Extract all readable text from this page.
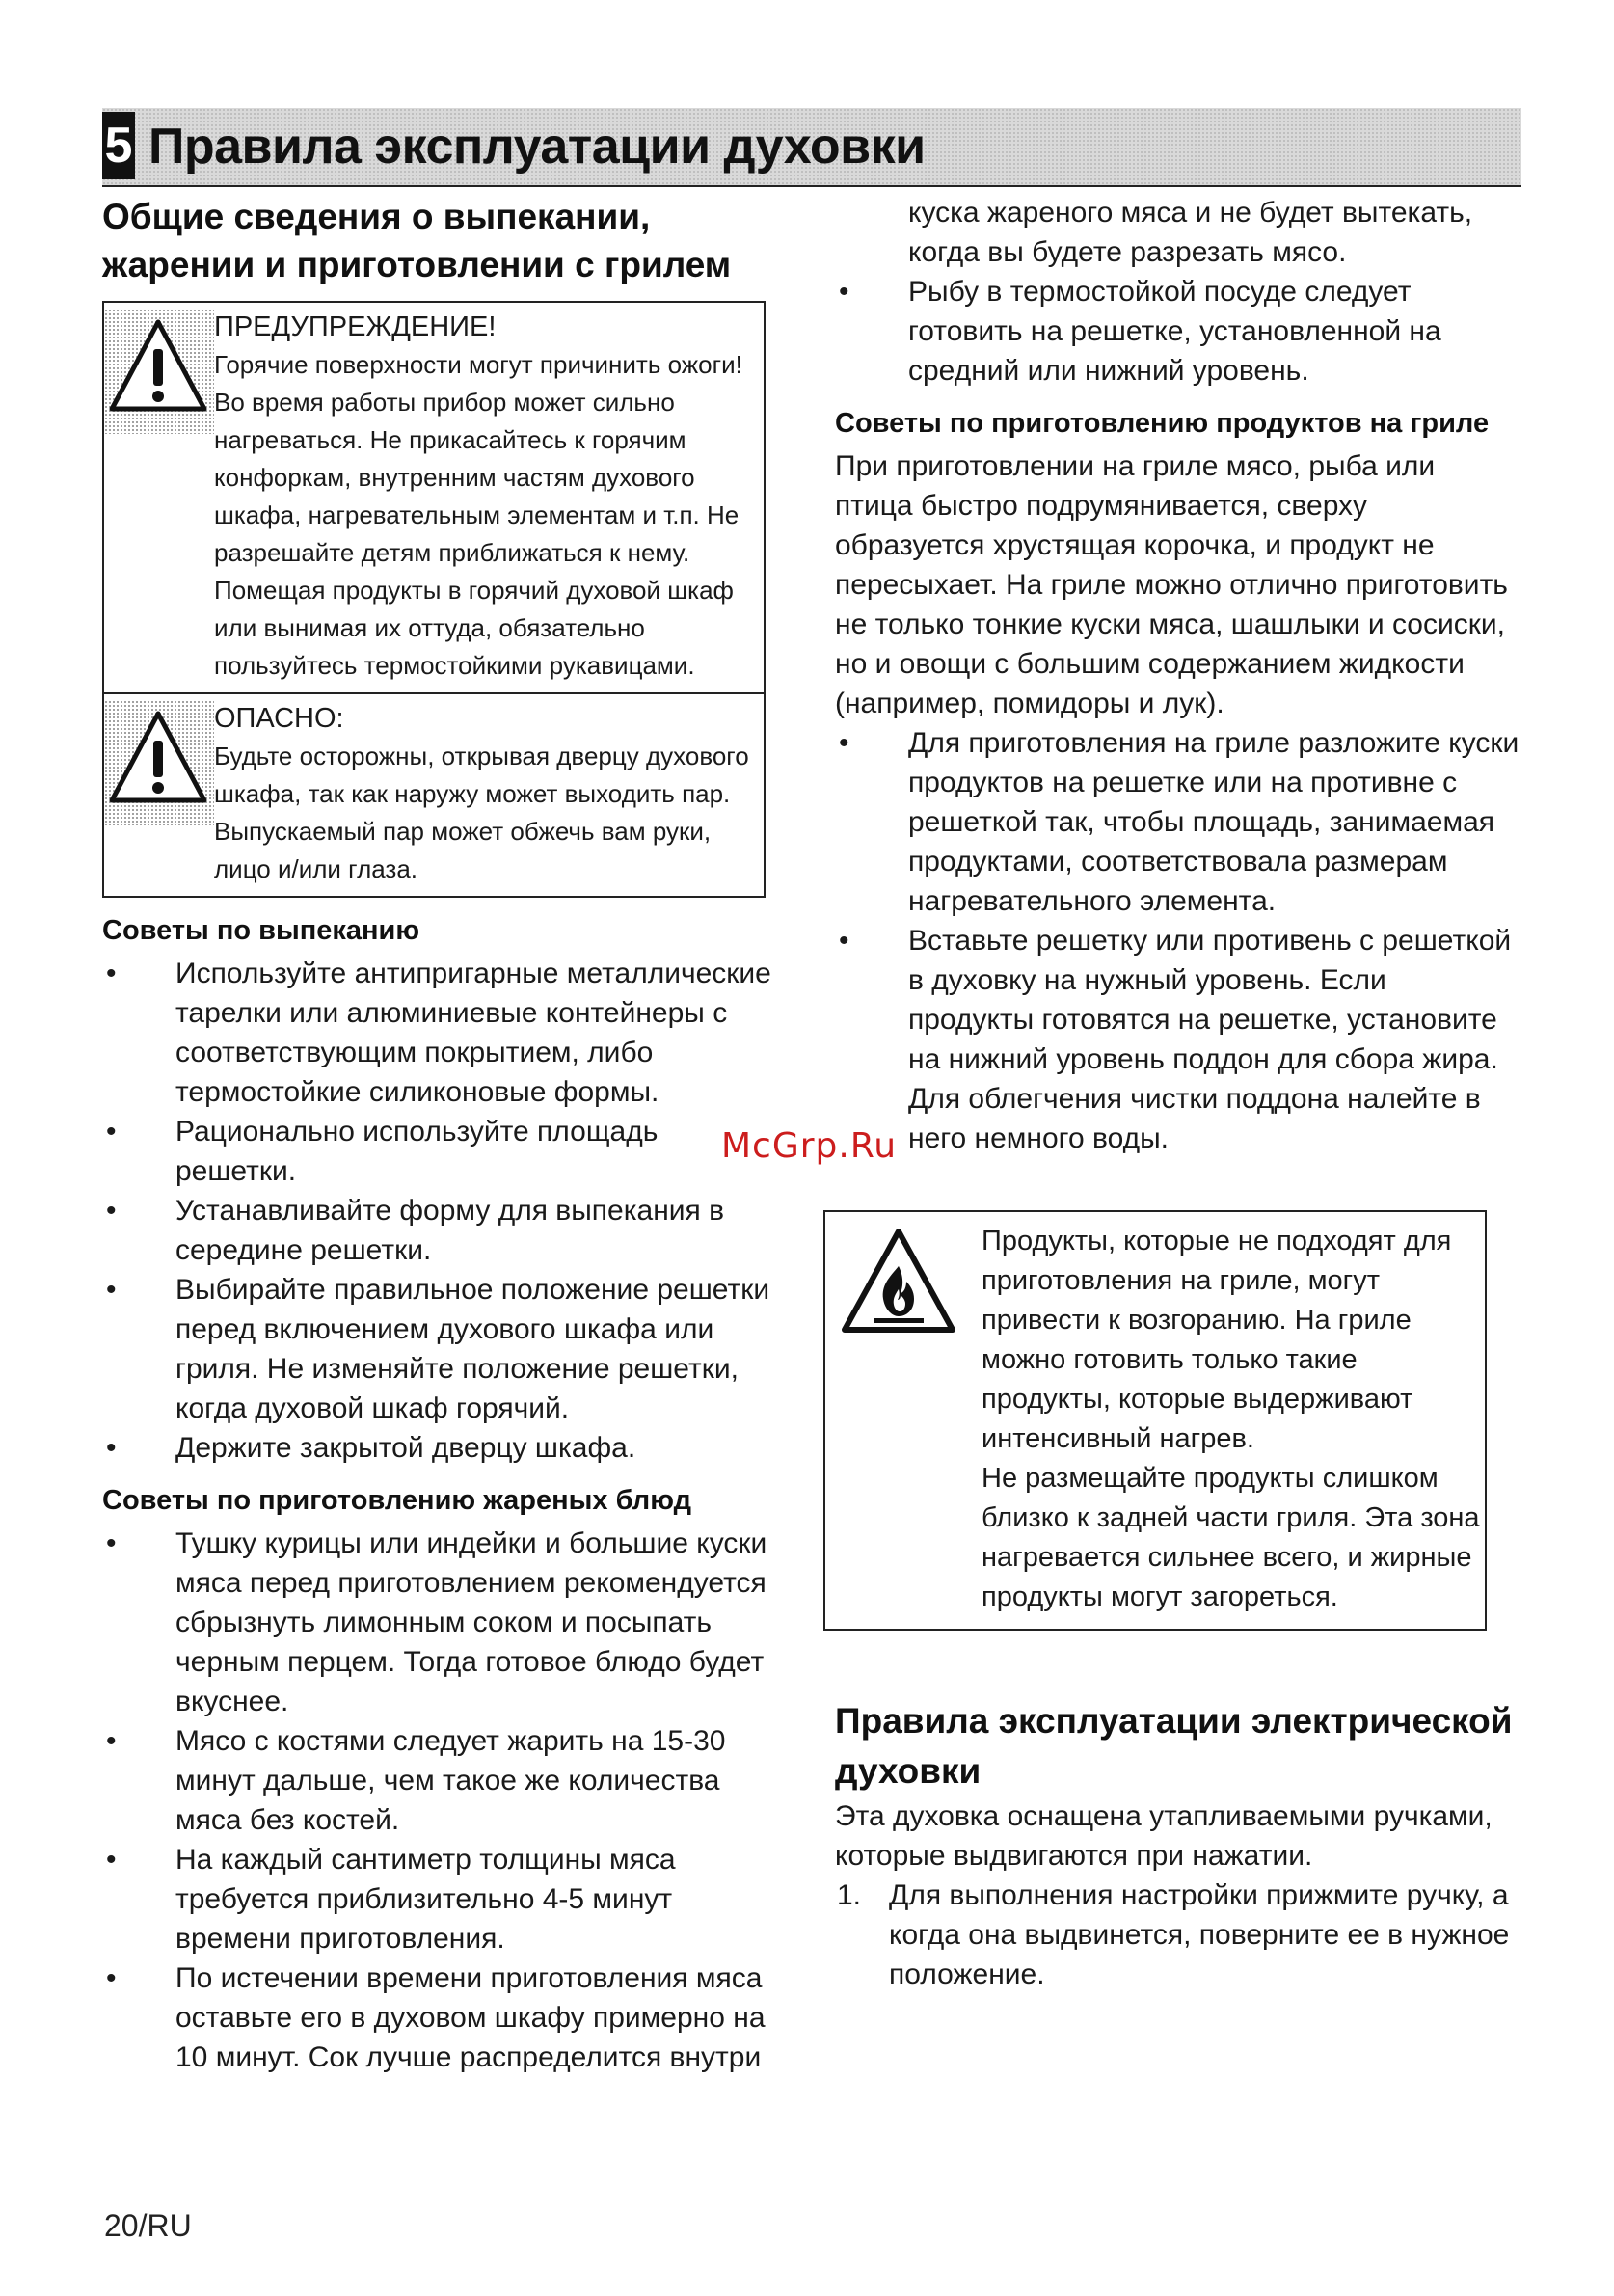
5 Правила эксплуатации духовки
Общие сведения о выпекании,
жарении и приготовлении с грилем

ПРЕДУПРЕЖДЕНИЕ!

Горячие поверхности могут причинить ожоги!

Во время работы прибор может сильно нагреваться. Не прикасайтесь к горячим конфоркам, внутренним частям духового шкафа, нагревательным элементам и т.п. Не разрешайте детям приближаться к нему.

Помещая продукты в горячий духовой шкаф или вынимая их оттуда, обязательно пользуйтесь термостойкими рукавицами.

ОПАСНО:

Будьте осторожны, открывая дверцу духового шкафа, так как наружу может выходить пар.

Выпускаемый пар может обжечь вам руки, лицо и/или глаза.

Советы по выпеканию
• Используйте антипригарные металлические тарелки или алюминиевые контейнеры с соответствующим покрытием, либо термостойкие силиконовые формы.
• Рационально используйте площадь решетки.
• Устанавливайте форму для выпекания в середине решетки.
• Выбирайте правильное положение решетки перед включением духового шкафа или гриля. Не изменяйте положение решетки, когда духовой шкаф горячий.
• Держите закрытой дверцу шкафа.
Советы по приготовлению жареных блюд
• Тушку курицы или индейки и большие куски мяса перед приготовлением рекомендуется сбрызнуть лимонным соком и посыпать черным перцем. Тогда готовое блюдо будет вкуснее.
• Мясо с костями следует жарить на 15-30 минут дальше, чем такое же количества мяса без костей.
• На каждый сантиметр толщины мяса требуется приблизительно 4-5 минут времени приготовления.
• По истечении времени приготовления мяса оставьте его в духовом шкафу примерно на 10 минут. Сок лучше распределится внутри
куска жареного мяса и не будет вытекать, когда вы будете разрезать мясо.
• Рыбу в термостойкой посуде следует готовить на решетке, установленной на средний или нижний уровень.
Советы по приготовлению продуктов на гриле

При приготовлении на гриле мясо, рыба или птица быстро подрумянивается, сверху образуется хрустящая корочка, и продукт не пересыхает. На гриле можно отлично приготовить не только тонкие куски мяса, шашлыки и сосиски, но и овощи с большим содержанием жидкости (например, помидоры и лук).

• Для приготовления на гриле разложите куски продуктов на решетке или на противне с решеткой так, чтобы площадь, занимаемая продуктами, соответствовала размерам нагревательного элемента.
• Вставьте решетку или противень с решеткой в духовку на нужный уровень. Если продукты готовятся на решетке, установите на нижний уровень поддон для сбора жира. Для облегчения чистки поддона налейте в него немного воды.

Продукты, которые не подходят для приготовления на гриле, могут привести к возгоранию. На гриле можно готовить только такие продукты, которые выдерживают интенсивный нагрев.

Не размещайте продукты слишком близко к задней части гриля. Эта зона нагревается сильнее всего, и жирные продукты могут загореться.

Правила эксплуатации электрической духовки

Эта духовка оснащена утапливаемыми ручками, которые выдвигаются при нажатии.

1. Для выполнения настройки прижмите ручку, а когда она выдвинется, поверните ее в нужное положение.
McGrp.Ru
20/RU
